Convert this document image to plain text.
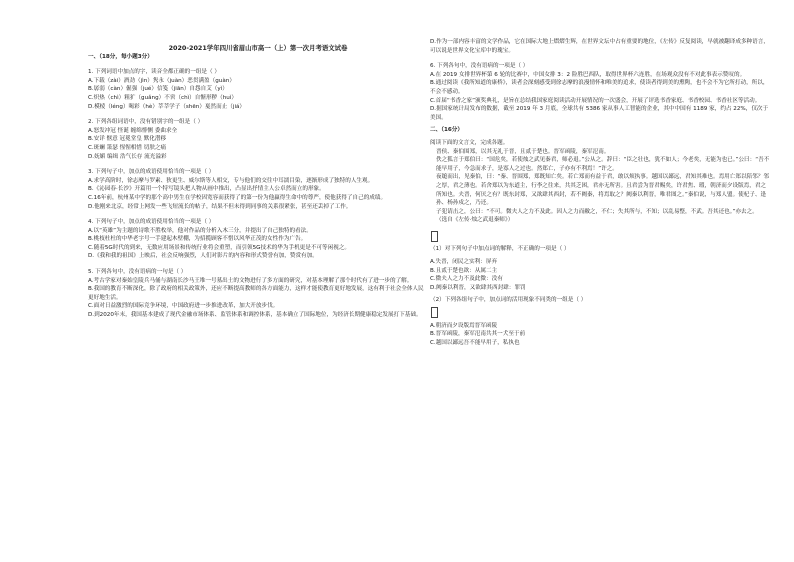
2020-2021学年四川省眉山市高一（上）第一次月考语文试卷

一、（18分，每小题3分）

1. 下列词语中加点的字，读音全都正确的一组是（ ）

A.下载（zài）酒劲（jìn）隽永（juàn）恶贯满盈（guàn）

B.孱弱（càn）倔强（jué）信笺（jiān）自怨自艾（yì）

C.炽热（chì）粗犷（guǎng）不啻（chì）自惭形秽（huì）

D.模棱（léng）喝彩（hè）莘莘学子（shēn）戛然而止（jiá）

2. 下列各组词语中，没有错别字的一组是（ ）

A.怒发冲冠 怪诞 缠绵悱恻 委曲求全

B.安详 惬意 冠冕堂皇 默化潜移

C.斑斓 箫瑟 惺惺相惜 切肤之痛

D.妩媚 编缉 浩气长存 流光溢彩

3. 下列句子中，加点的成语使用恰当的一项是（ ）

A.求学高阶时，徐志摩与罗素、狄更生、威尔斯等人相交，专与他们的交往中耳濡目染，逐渐形成了独特的人生观。

B.《沁园春·长沙》开篇用一个特写镜头把人物从画中推出，凸显出抒情主人公卓然而立的形象。

C.16年前，杭州某中学的那个高中男生在学校因宽容而获得了的第一份为他赢得生命中的尊严，使他获得了自己的成绩。

D.他刚来北京，经常上网发一些飞短流长的帖子，结果不但未得到同事的关系很紧张，甚至还丢掉了工作。

4. 下列句子中，加点的成语使用恰当的一项是（ ）

A.以“英雄”为主题的诗歌不胜枚举，他对作品的分析入木三分，并提出了自己独特的看法。

B.桃枝杜杜的中华老字号一手建起木壁棚，为招揽顾客不惜以风华正茂的女性作为广告。

C.随着5G时代的到来，无数应用场景和传统行业将会重塑，而引领5G技术的华为手机更是不可等闲视之。

D.《我和我的祖国》上映后，社会反响强烈，人们对影片的内容和形式赞誉有加，赞赏有加。

5. 下列各句中，没有语病的一句是（ ）

A.考古学家对秦始皇陵兵马俑与湖南长沙马王堆一号墓出土的文物进行了多方面的研究，对基本理解了那个时代有了进一步的了解。

B.我国的教育不断深化，除了政府的相关政策外，还应不断提高教师的各方面能力，这样才能使教育更好地发展，这有利于社会全体人民更好地生活。

C.面对日益激烈的国际竞争环境，中国政府进一步推进改革，加大开放步伐。

D.到2020年末，我国基本建成了现代金融市场体系、监管体系和调控体系，基本确立了国际地位，为经济长期健康稳定发展打下基础。

D.作为一部内容丰富的文学作品，它在国际大地上熠熠生辉，在世界文坛中占有重要的地位，《左传》反复阅读，早就被翻译成多种语言，可以说是世界文化宝库中的瑰宝。

6. 下列各句中，没有语病的一项是（ ）

A.在 2019 女排世界杯第 6 轮的比赛中，中国女排 3：2 险胜巴西队，取得世界杯六连胜，在场观众没有不对此事表示赞叹的。

B.通过阅读《我所知道的康桥》，读者会深刻感受到徐志摩的浪漫情怀和唯美的追求，使读者得到美的熏陶，也不会不为它所打动，所以，不会不感动。

C.首届“书香之家”颁奖典礼，是旨在总结我国家庭阅读活动开展情况的一次盛会，开展了评选书香家庭、书香校园、书香社区等活动。

D.据国家统计局发布的数据，截至 2019 年 3 月底，全球共有 5386 家从事人工智能的企业，其中中国有 1189 家，约占 22%，仅次于美国。

二、（16分）

阅读下面的文言文，完成各题。

晋侯、秦伯围郑，以其无礼于晋，且贰于楚也。晋军函陵，秦军氾南。

佚之狐言于郑伯曰：“国危矣，若使烛之武见秦君，师必退。”公从之。辞曰：“臣之壮也，犹不如人；今老矣，无能为也已。”公曰：“吾不能早用子，今急而求子，是寡人之过也。然郑亡，子亦有不利焉！”许之。

夜缒而出，见秦伯，曰：“秦、晋围郑，郑既知亡矣。若亡郑而有益于君，敢以烦执事。越国以鄙远，君知其难也。焉用亡郑以陪邻？邻之厚，君之薄也。若舍郑以为东道主，行李之往来，共其乏困，君亦无所害。且君尝为晋君赐矣，许君焦、瑕，朝济而夕设版焉，君之所知也。夫晋，何厌之有？既东封郑，又欲肆其西封，若不阙秦，将焉取之？阙秦以利晋，唯君图之。”秦伯说，与郑人盟。使杞子、逢孙、杨孙戍之，乃还。

子犯请击之，公曰：“不可。微夫人之力不及此。因人之力而敝之，不仁；失其所与，不知；以乱易整，不武。吾其还也。”亦去之。

（选自《左传·烛之武退秦师》）

（1）对下列句子中加点词的解释，不正确的一项是（ ）

A.失晋，闭民之实利：屏弃

B.且贰于楚也欲：从属二主

C.微夫人之力不及此微：没有

D.阙秦以利晋，又欲肆其西封肆：罪罚

（2）下列各组句子中，加点词的活用现象不同类的一组是（ ）

A.朝济而夕设版焉晋军函陵

B.晋军函陵，秦军氾南共其一犬至于前

C.越国以鄙远吾不能早用子，私执也
